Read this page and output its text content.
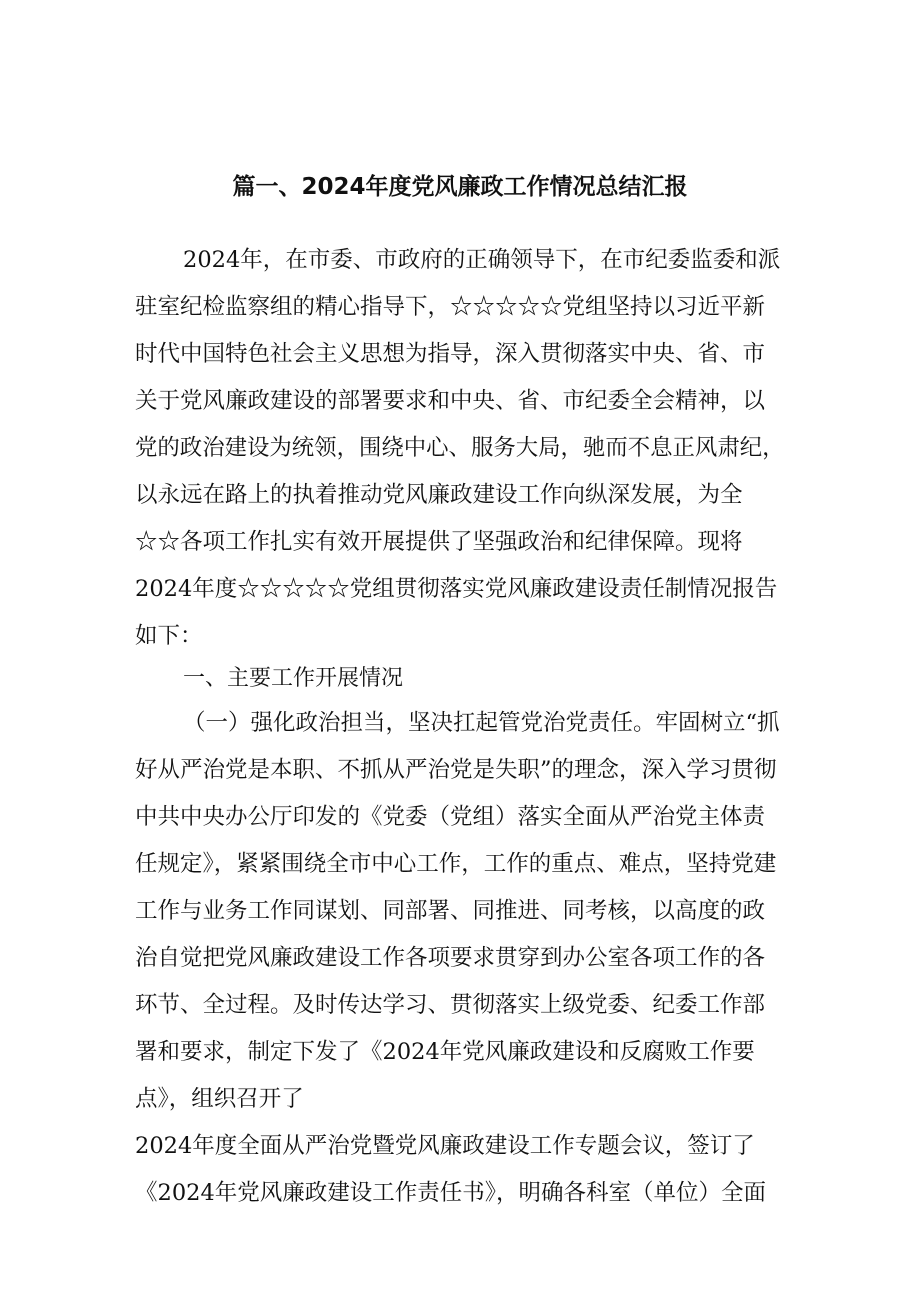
篇一、2024年度党风廉政工作情况总结汇报
2024年，在市委、市政府的正确领导下，在市纪委监委和派
驻室纪检监察组的精心指导下，☆☆☆☆☆党组坚持以习近平新
时代中国特色社会主义思想为指导，深入贯彻落实中央、省、市
关于党风廉政建设的部署要求和中央、省、市纪委全会精神，以
党的政治建设为统领，围绕中心、服务大局，驰而不息正风肃纪，
以永远在路上的执着推动党风廉政建设工作向纵深发展，为全
☆☆各项工作扎实有效开展提供了坚强政治和纪律保障。现将
2024年度☆☆☆☆☆党组贯彻落实党风廉政建设责任制情况报告
如下：
一、主要工作开展情况
（一）强化政治担当，坚决扛起管党治党责任。牢固树立“抓
好从严治党是本职、不抓从严治党是失职”的理念，深入学习贯彻
中共中央办公厅印发的《党委（党组）落实全面从严治党主体责
任规定》，紧紧围绕全市中心工作，工作的重点、难点，坚持党建
工作与业务工作同谋划、同部署、同推进、同考核，以高度的政
治自觉把党风廉政建设工作各项要求贯穿到办公室各项工作的各
环节、全过程。及时传达学习、贯彻落实上级党委、纪委工作部
署和要求，制定下发了《2024年党风廉政建设和反腐败工作要
点》，组织召开了
2024年度全面从严治党暨党风廉政建设工作专题会议，签订了
《2024年党风廉政建设工作责任书》，明确各科室（单位）全面
